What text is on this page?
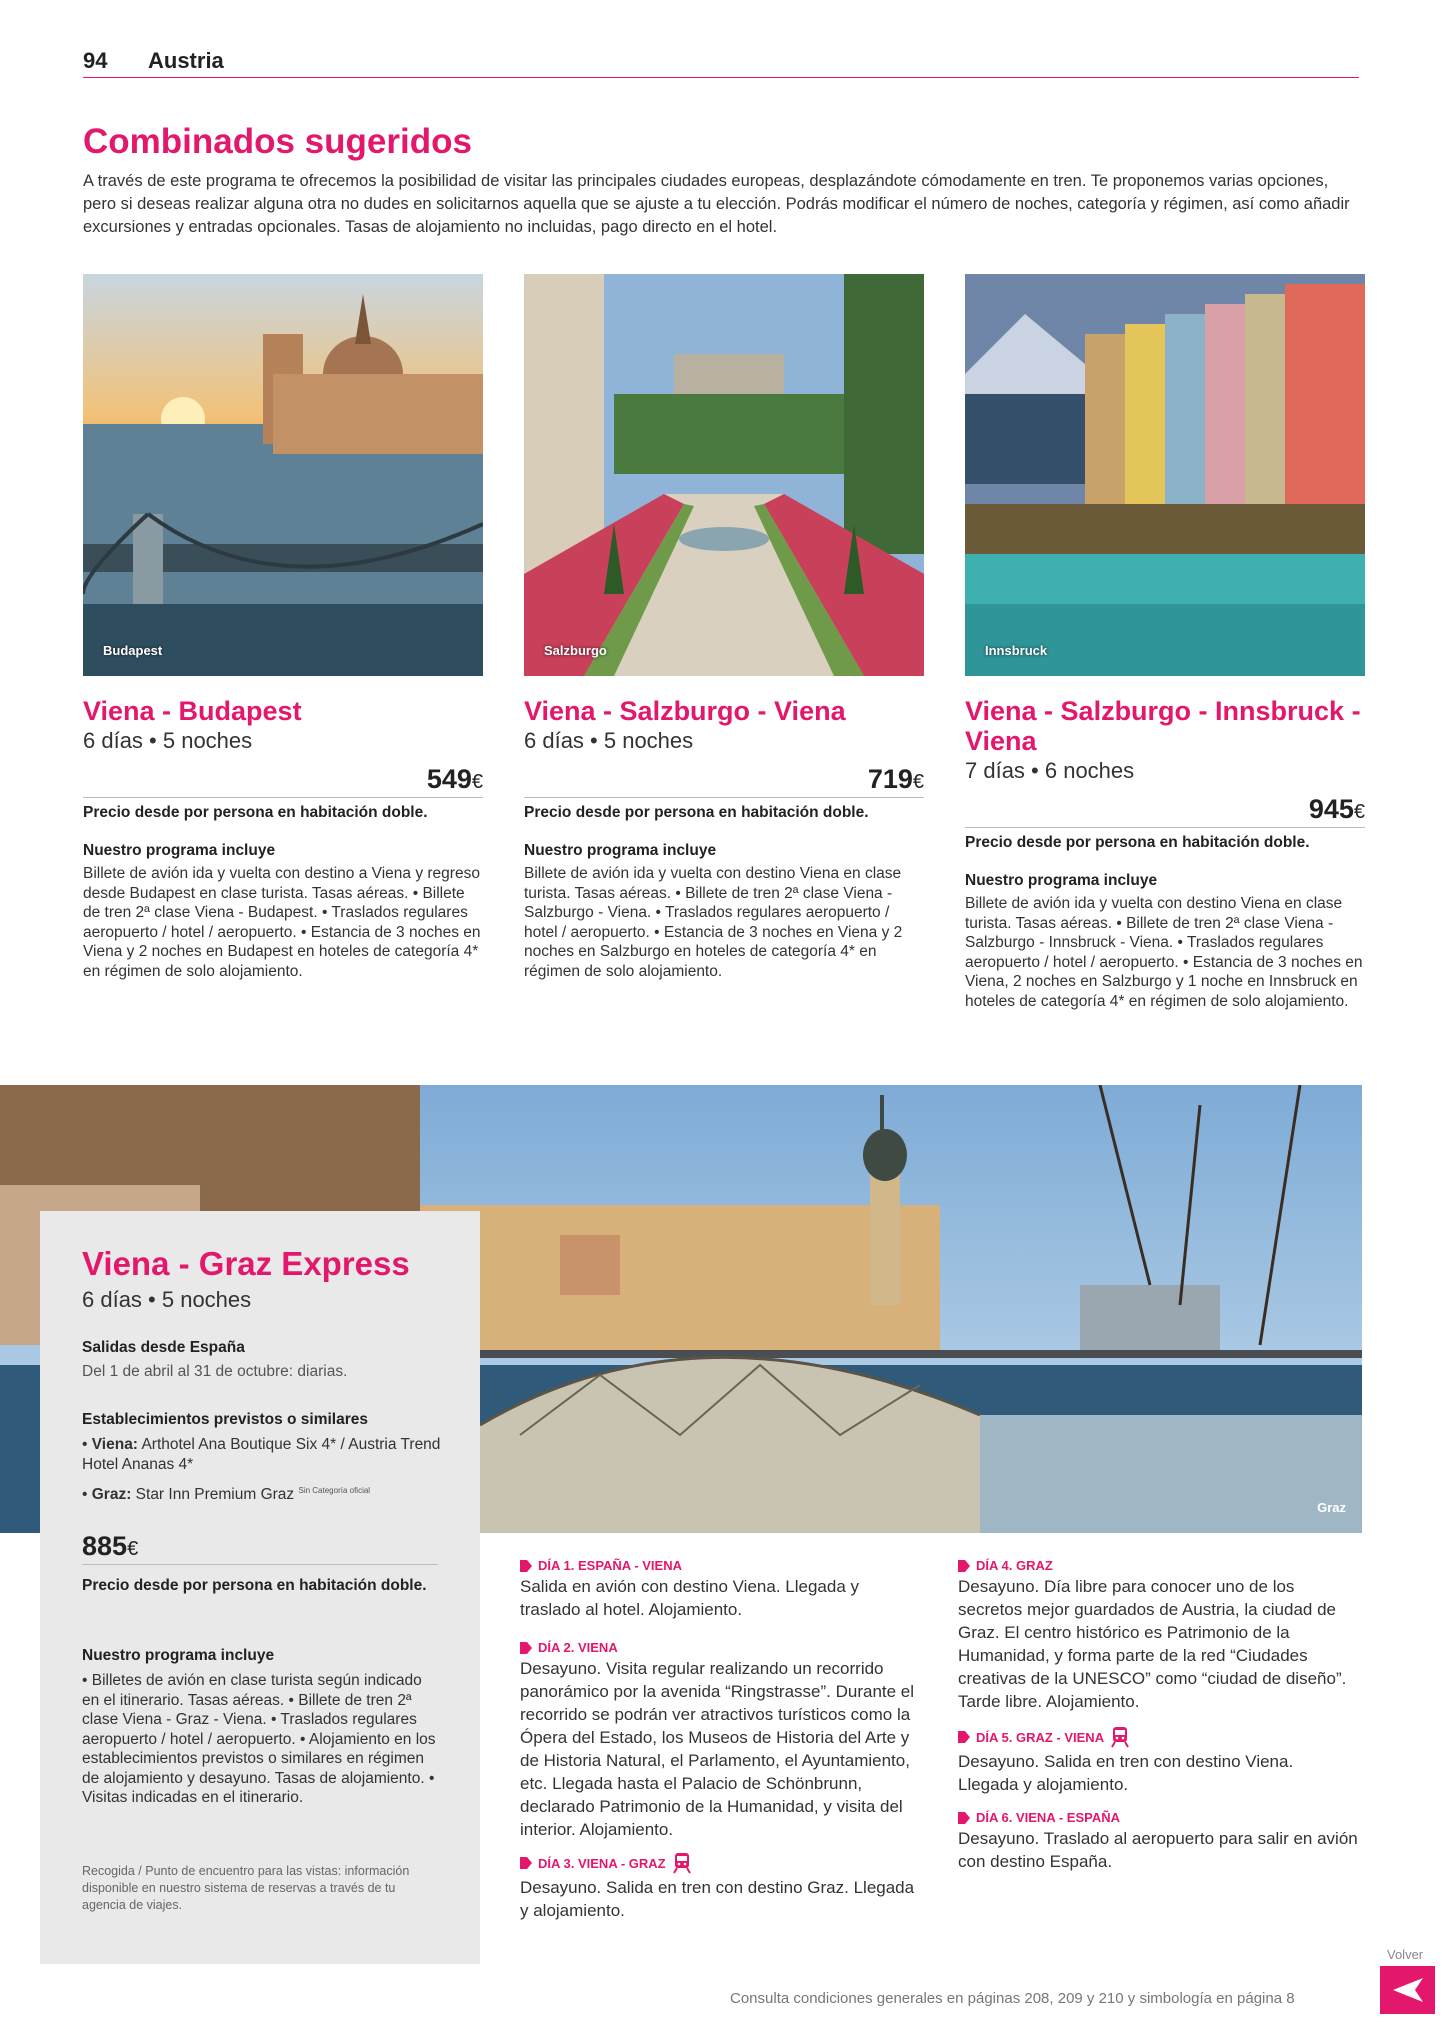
94 Austria
Combinados sugeridos

A través de este programa te ofrecemos la posibilidad de visitar las principales ciudades europeas, desplazándote cómodamente en tren. Te proponemos varias opciones, pero si deseas realizar alguna otra no dudes en solicitarnos aquella que se ajuste a tu elección. Podrás modificar el número de noches, categoría y régimen, así como añadir excursiones y entradas opcionales. Tasas de alojamiento no incluidas, pago directo en el hotel.

Budapest
Viena - Budapest
6 días • 5 noches
549€
Precio desde por persona en habitación doble.
Nuestro programa incluye
Billete de avión ida y vuelta con destino a Viena y regreso desde Budapest en clase turista. Tasas aéreas. • Billete de tren 2ª clase Viena - Budapest. • Traslados regulares aeropuerto / hotel / aeropuerto. • Estancia de 3 noches en Viena y 2 noches en Budapest en hoteles de categoría 4* en régimen de solo alojamiento.
Salzburgo
Viena - Salzburgo - Viena
6 días • 5 noches
719€
Precio desde por persona en habitación doble.
Nuestro programa incluye
Billete de avión ida y vuelta con destino Viena en clase turista. Tasas aéreas. • Billete de tren 2ª clase Viena - Salzburgo - Viena. • Traslados regulares aeropuerto / hotel / aeropuerto. • Estancia de 3 noches en Viena y 2 noches en Salzburgo en hoteles de categoría 4* en régimen de solo alojamiento.
Innsbruck
Viena - Salzburgo - Innsbruck - Viena
7 días • 6 noches
945€
Precio desde por persona en habitación doble.
Nuestro programa incluye
Billete de avión ida y vuelta con destino Viena en clase turista. Tasas aéreas. • Billete de tren 2ª clase Viena - Salzburgo - Innsbruck - Viena. • Traslados regulares aeropuerto / hotel / aeropuerto. • Estancia de 3 noches en Viena, 2 noches en Salzburgo y 1 noche en Innsbruck en hoteles de categoría 4* en régimen de solo alojamiento.
Graz
Viena - Graz Express
6 días • 5 noches
Salidas desde España
Del 1 de abril al 31 de octubre: diarias.
Establecimientos previstos o similares
• Viena: Arthotel Ana Boutique Six 4* / Austria Trend Hotel Ananas 4*
• Graz: Star Inn Premium Graz $^{Sin Categoría oficial}$
885€
Precio desde por persona en habitación doble.
Nuestro programa incluye
• Billetes de avión en clase turista según indicado en el itinerario. Tasas aéreas. • Billete de tren 2ª clase Viena - Graz - Viena. • Traslados regulares aeropuerto / hotel / aeropuerto. • Alojamiento en los establecimientos previstos o similares en régimen de alojamiento y desayuno. Tasas de alojamiento. • Visitas indicadas en el itinerario.
Recogida / Punto de encuentro para las vistas: información disponible en nuestro sistema de reservas a través de tu agencia de viajes.
DÍA 1. ESPAÑA - VIENA
Salida en avión con destino Viena. Llegada y traslado al hotel. Alojamiento.
DÍA 2. VIENA
Desayuno. Visita regular realizando un recorrido panorámico por la avenida “Ringstrasse”. Durante el recorrido se podrán ver atractivos turísticos como la Ópera del Estado, los Museos de Historia del Arte y de Historia Natural, el Parlamento, el Ayuntamiento, etc. Llegada hasta el Palacio de Schönbrunn, declarado Patrimonio de la Humanidad, y visita del interior. Alojamiento.
DÍA 3. VIENA - GRAZ
Desayuno. Salida en tren con destino Graz. Llegada y alojamiento.
DÍA 4. GRAZ
Desayuno. Día libre para conocer uno de los secretos mejor guardados de Austria, la ciudad de Graz. El centro histórico es Patrimonio de la Humanidad, y forma parte de la red “Ciudades creativas de la UNESCO” como “ciudad de diseño”. Tarde libre. Alojamiento.
DÍA 5. GRAZ - VIENA
Desayuno. Salida en tren con destino Viena. Llegada y alojamiento.
DÍA 6. VIENA - ESPAÑA
Desayuno. Traslado al aeropuerto para salir en avión con destino España.
Consulta condiciones generales en páginas 208, 209 y 210 y simbología en página 8
Volver
